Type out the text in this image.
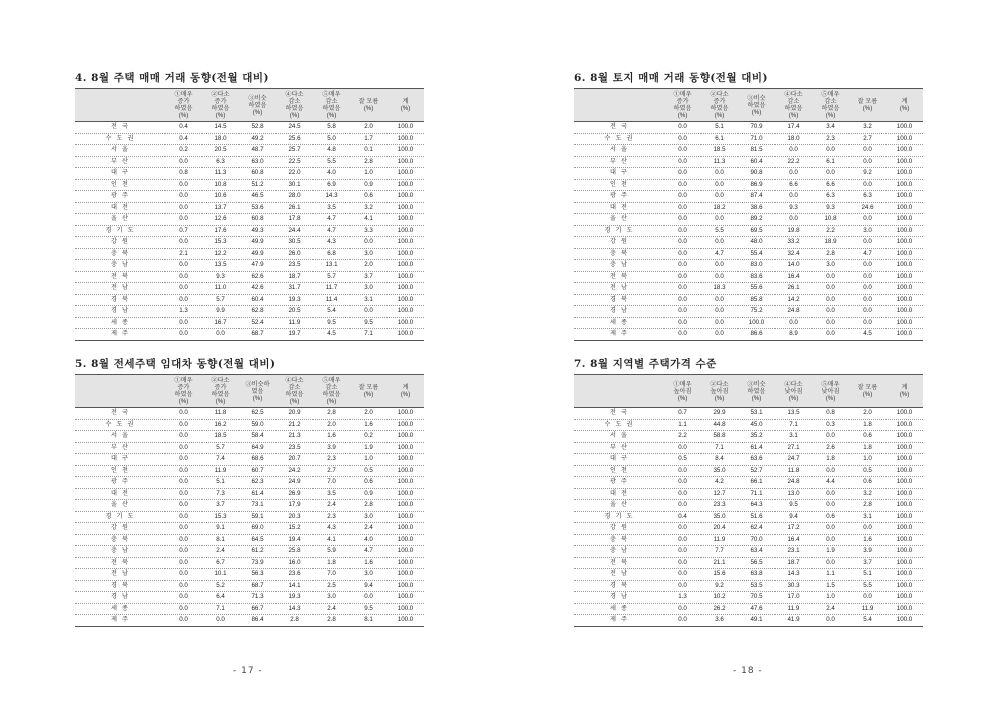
4. 8월 주택 매매 거래 동향(전월 대비)
	①매우
증가
하였음
(%)	②다소
증가
하였음
(%)	③비슷
하였음
(%)	④다소
감소
하였음
(%)	⑤매우
감소
하였음
(%)	잘 모름
(%)	계
(%)
전국	0.4	14.5	52.8	24.5	5.8	2.0	100.0
수도권	0.4	18.0	49.2	25.6	5.0	1.7	100.0
서울	0.2	20.5	48.7	25.7	4.8	0.1	100.0
부산	0.0	6.3	63.0	22.5	5.5	2.8	100.0
대구	0.8	11.3	60.8	22.0	4.0	1.0	100.0
인천	0.0	10.8	51.2	30.1	6.9	0.9	100.0
광주	0.0	10.6	46.5	28.0	14.3	0.6	100.0
대전	0.0	13.7	53.6	26.1	3.5	3.2	100.0
울산	0.0	12.6	60.8	17.8	4.7	4.1	100.0
경기도	0.7	17.6	49.3	24.4	4.7	3.3	100.0
강원	0.0	15.3	49.9	30.5	4.3	0.0	100.0
충북	2.1	12.2	49.9	26.0	6.8	3.0	100.0
충남	0.0	13.5	47.9	23.5	13.1	2.0	100.0
전북	0.0	9.3	62.6	18.7	5.7	3.7	100.0
전남	0.0	11.0	42.6	31.7	11.7	3.0	100.0
경북	0.0	5.7	60.4	19.3	11.4	3.1	100.0
경남	1.3	9.9	62.8	20.5	5.4	0.0	100.0
세종	0.0	16.7	52.4	11.9	9.5	9.5	100.0
제주	0.0	0.0	68.7	19.7	4.5	7.1	100.0
5. 8월 전세주택 임대차 동향(전월 대비)
	①매우
증가
하였음
(%)	②다소
증가
하였음
(%)	③비슷하
였음
(%)	④다소
감소
하였음
(%)	⑤매우
감소
하였음
(%)	잘 모름
(%)	계
(%)
전국	0.0	11.8	62.5	20.9	2.8	2.0	100.0
수도권	0.0	16.2	59.0	21.2	2.0	1.6	100.0
서울	0.0	18.5	58.4	21.3	1.6	0.2	100.0
부산	0.0	5.7	64.9	23.5	3.9	1.9	100.0
대구	0.0	7.4	68.6	20.7	2.3	1.0	100.0
인천	0.0	11.9	60.7	24.2	2.7	0.5	100.0
광주	0.0	5.1	62.3	24.9	7.0	0.6	100.0
대전	0.0	7.3	61.4	26.9	3.5	0.9	100.0
울산	0.0	3.7	73.1	17.9	2.4	2.8	100.0
경기도	0.0	15.3	59.1	20.3	2.3	3.0	100.0
강원	0.0	9.1	69.0	15.2	4.3	2.4	100.0
충북	0.0	8.1	64.5	19.4	4.1	4.0	100.0
충남	0.0	2.4	61.2	25.8	5.9	4.7	100.0
전북	0.0	6.7	73.9	16.0	1.8	1.6	100.0
전남	0.0	10.1	56.3	23.6	7.0	3.0	100.0
경북	0.0	5.2	68.7	14.1	2.5	9.4	100.0
경남	0.0	6.4	71.3	19.3	3.0	0.0	100.0
세종	0.0	7.1	66.7	14.3	2.4	9.5	100.0
제주	0.0	0.0	86.4	2.8	2.8	8.1	100.0
6. 8월 토지 매매 거래 동향(전월 대비)
	①매우
증가
하였음
(%)	②다소
증가
하였음
(%)	③비슷
하였음
(%)	④다소
감소
하였음
(%)	⑤매우
감소
하였음
(%)	잘 모름
(%)	계
(%)
전국	0.0	5.1	70.9	17.4	3.4	3.2	100.0
수도권	0.0	6.1	71.0	18.0	2.3	2.7	100.0
서울	0.0	18.5	81.5	0.0	0.0	0.0	100.0
부산	0.0	11.3	60.4	22.2	6.1	0.0	100.0
대구	0.0	0.0	90.8	0.0	0.0	9.2	100.0
인천	0.0	0.0	86.9	6.6	6.6	0.0	100.0
광주	0.0	0.0	87.4	0.0	6.3	6.3	100.0
대전	0.0	18.2	38.6	9.3	9.3	24.6	100.0
울산	0.0	0.0	89.2	0.0	10.8	0.0	100.0
경기도	0.0	5.5	69.5	19.8	2.2	3.0	100.0
강원	0.0	0.0	48.0	33.2	18.9	0.0	100.0
충북	0.0	4.7	55.4	32.4	2.8	4.7	100.0
충남	0.0	0.0	83.0	14.0	3.0	0.0	100.0
전북	0.0	0.0	83.6	16.4	0.0	0.0	100.0
전남	0.0	18.3	55.6	26.1	0.0	0.0	100.0
경북	0.0	0.0	85.8	14.2	0.0	0.0	100.0
경남	0.0	0.0	75.2	24.8	0.0	0.0	100.0
세종	0.0	0.0	100.0	0.0	0.0	0.0	100.0
제주	0.0	0.0	86.6	8.9	0.0	4.5	100.0
7. 8월 지역별 주택가격 수준
	①매우
높아짐
(%)	②다소
높아짐
(%)	③비슷
하였음
(%)	④다소
낮아짐
(%)	⑤매우
낮아짐
(%)	잘 모름
(%)	계
(%)
전국	0.7	29.9	53.1	13.5	0.8	2.0	100.0
수도권	1.1	44.8	45.0	7.1	0.3	1.8	100.0
서울	2.2	58.8	35.2	3.1	0.0	0.6	100.0
부산	0.0	7.1	61.4	27.1	2.6	1.8	100.0
대구	0.5	8.4	63.6	24.7	1.8	1.0	100.0
인천	0.0	35.0	52.7	11.8	0.0	0.5	100.0
광주	0.0	4.2	66.1	24.8	4.4	0.6	100.0
대전	0.0	12.7	71.1	13.0	0.0	3.2	100.0
울산	0.0	23.3	64.3	9.5	0.0	2.8	100.0
경기도	0.4	35.0	51.6	9.4	0.6	3.1	100.0
강원	0.0	20.4	62.4	17.2	0.0	0.0	100.0
충북	0.0	11.9	70.0	16.4	0.0	1.6	100.0
충남	0.0	7.7	63.4	23.1	1.9	3.9	100.0
전북	0.0	21.1	56.5	18.7	0.0	3.7	100.0
전남	0.0	15.6	63.8	14.3	1.1	5.1	100.0
경북	0.0	9.2	53.5	30.3	1.5	5.5	100.0
경남	1.3	10.2	70.5	17.0	1.0	0.0	100.0
세종	0.0	26.2	47.6	11.9	2.4	11.9	100.0
제주	0.0	3.6	49.1	41.9	0.0	5.4	100.0
- 17 -	- 18 -
